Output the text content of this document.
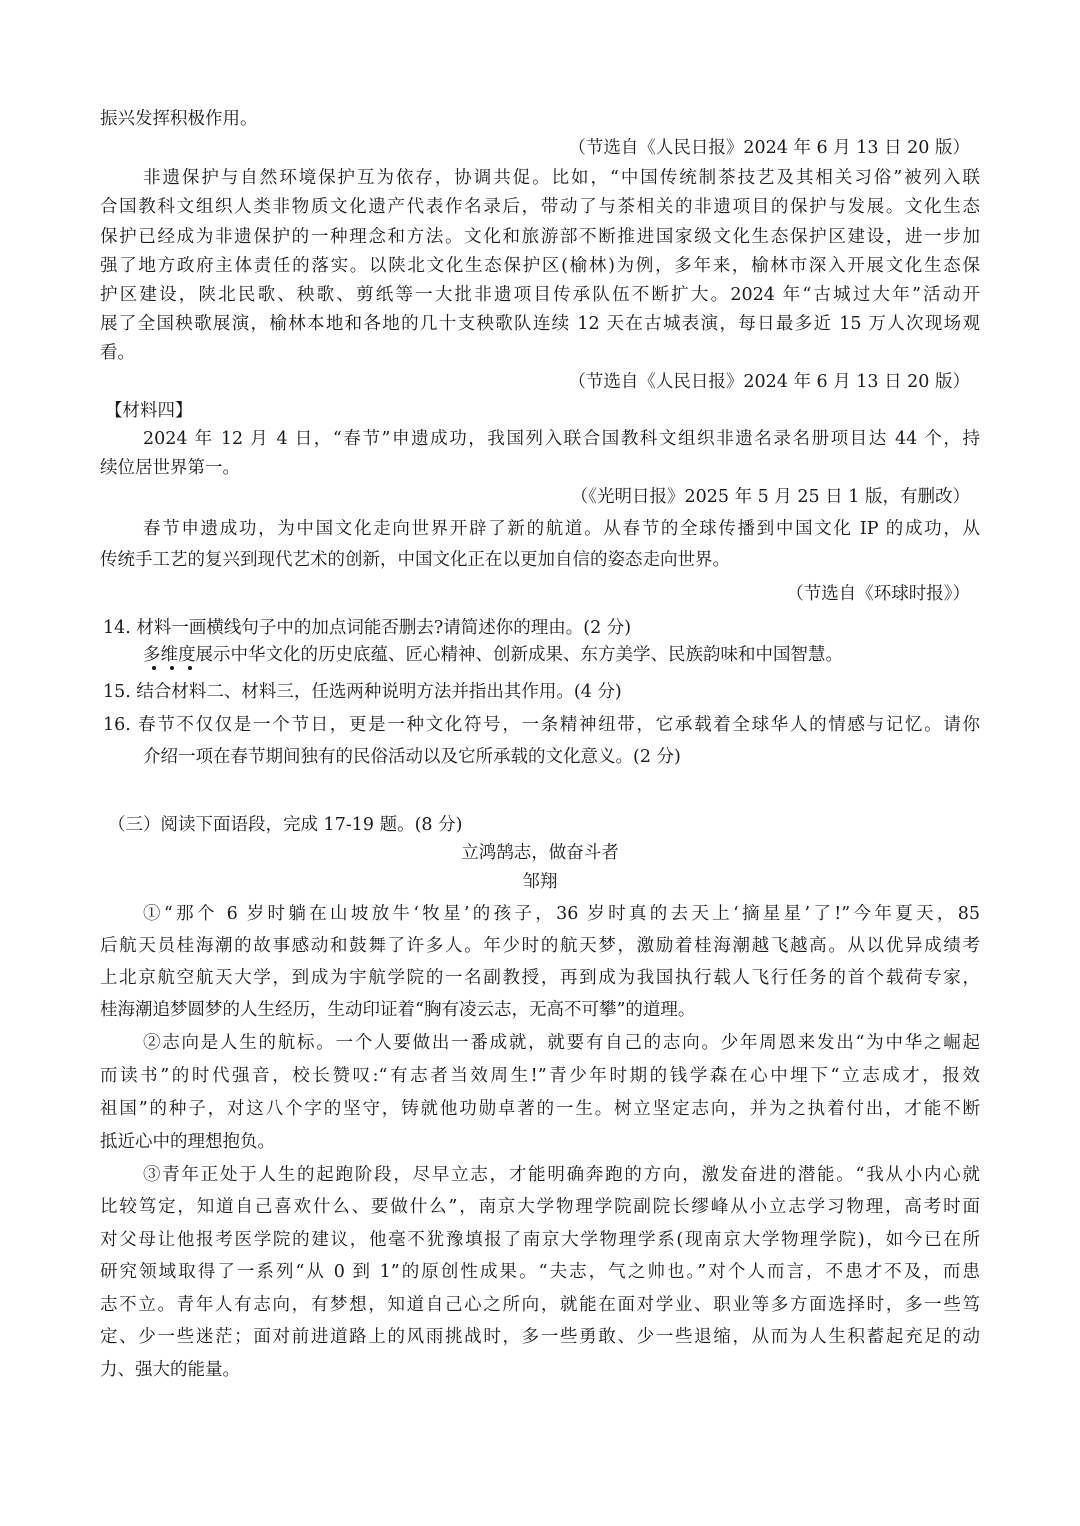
振兴发挥积极作用。
（节选自《人民日报》2024 年 6 月 13 日 20 版）
非遗保护与自然环境保护互为依存，协调共促。比如，“中国传统制茶技艺及其相关习俗”被列入联
合国教科文组织人类非物质文化遗产代表作名录后，带动了与茶相关的非遗项目的保护与发展。文化生态
保护已经成为非遗保护的一种理念和方法。文化和旅游部不断推进国家级文化生态保护区建设，进一步加
强了地方政府主体责任的落实。以陕北文化生态保护区(榆林)为例，多年来，榆林市深入开展文化生态保
护区建设，陕北民歌、秧歌、剪纸等一大批非遗项目传承队伍不断扩大。2024 年“古城过大年”活动开
展了全国秧歌展演，榆林本地和各地的几十支秧歌队连续 12 天在古城表演，每日最多近 15 万人次现场观
看。
（节选自《人民日报》2024 年 6 月 13 日 20 版）
【材料四】
2024 年 12 月 4 日，“春节”申遗成功，我国列入联合国教科文组织非遗名录名册项目达 44 个，持
续位居世界第一。
（《光明日报》2025 年 5 月 25 日 1 版，有删改）
春节申遗成功，为中国文化走向世界开辟了新的航道。从春节的全球传播到中国文化 IP 的成功，从
传统手工艺的复兴到现代艺术的创新，中国文化正在以更加自信的姿态走向世界。
（节选自《环球时报》）
14. 材料一画横线句子中的加点词能否删去?请简述你的理由。(2 分)
多维度展示中华文化的历史底蕴、匠心精神、创新成果、东方美学、民族韵味和中国智慧。
15. 结合材料二、材料三，任选两种说明方法并指出其作用。(4 分)
16. 春节不仅仅是一个节日，更是一种文化符号，一条精神纽带，它承载着全球华人的情感与记忆。请你
介绍一项在春节期间独有的民俗活动以及它所承载的文化意义。(2 分)
（三）阅读下面语段，完成 17-19 题。(8 分)
立鸿鹄志，做奋斗者
邹翔
①“那个 6 岁时躺在山坡放牛‘牧星’的孩子，36 岁时真的去天上‘摘星星’了!”今年夏天，85
后航天员桂海潮的故事感动和鼓舞了许多人。年少时的航天梦，激励着桂海潮越飞越高。从以优异成绩考
上北京航空航天大学，到成为宇航学院的一名副教授，再到成为我国执行载人飞行任务的首个载荷专家，
桂海潮追梦圆梦的人生经历，生动印证着“胸有凌云志，无高不可攀”的道理。
②志向是人生的航标。一个人要做出一番成就，就要有自己的志向。少年周恩来发出“为中华之崛起
而读书”的时代强音，校长赞叹:“有志者当效周生!”青少年时期的钱学森在心中埋下“立志成才，报效
祖国”的种子，对这八个字的坚守，铸就他功勋卓著的一生。树立坚定志向，并为之执着付出，才能不断
抵近心中的理想抱负。
③青年正处于人生的起跑阶段，尽早立志，才能明确奔跑的方向，激发奋进的潜能。“我从小内心就
比较笃定，知道自己喜欢什么、要做什么”，南京大学物理学院副院长缪峰从小立志学习物理，高考时面
对父母让他报考医学院的建议，他毫不犹豫填报了南京大学物理学系(现南京大学物理学院)，如今已在所
研究领域取得了一系列“从 0 到 1”的原创性成果。“夫志，气之帅也。”对个人而言，不患才不及，而患
志不立。青年人有志向，有梦想，知道自己心之所向，就能在面对学业、职业等多方面选择时，多一些笃
定、少一些迷茫；面对前进道路上的风雨挑战时，多一些勇敢、少一些退缩，从而为人生积蓄起充足的动
力、强大的能量。
